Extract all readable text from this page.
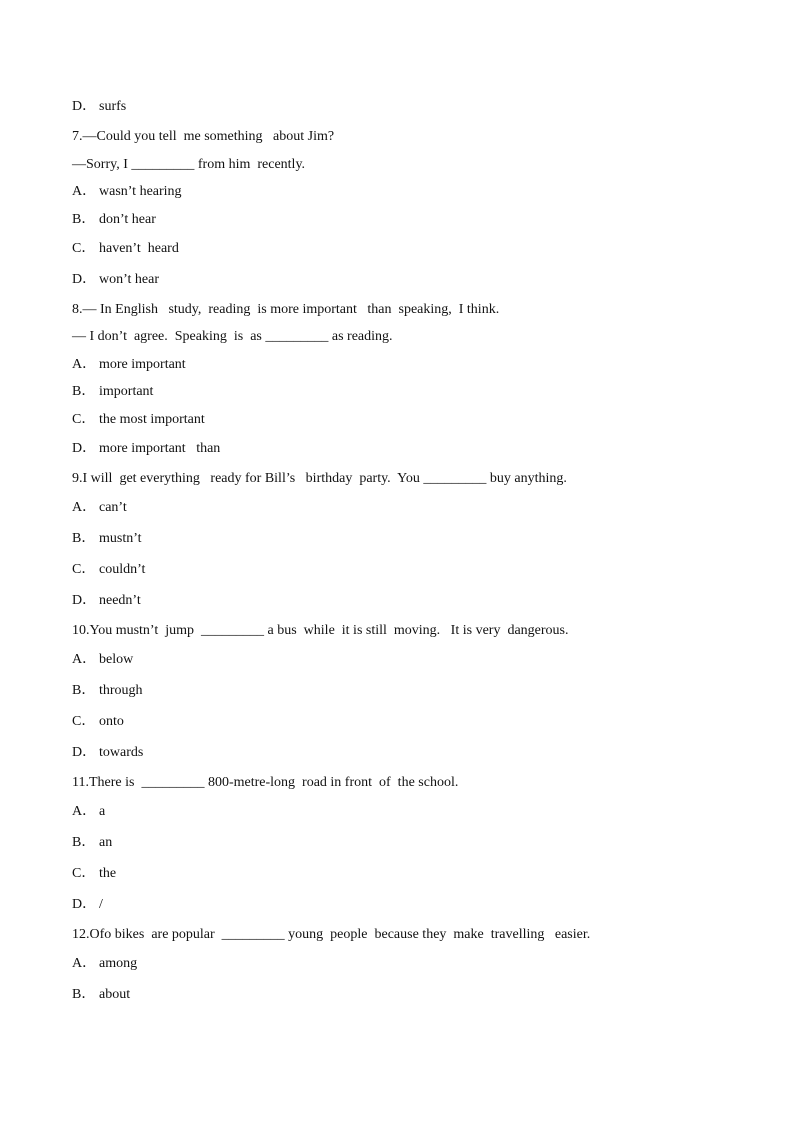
D． surfs
7.—Could you tell  me something   about Jim?
—Sorry, I _________ from him  recently.
A． wasn’t hearing
B． don’t hear
C． haven’t  heard
D． won’t hear
8.— In English   study,  reading  is more important   than  speaking,  I think.
— I don’t  agree.  Speaking  is  as _________ as reading.
A． more important
B． important
C． the most important
D． more important   than
9.I will  get everything   ready for Bill’s   birthday  party.  You _________ buy anything.
A． can’t
B． mustn’t
C． couldn’t
D． needn’t
10.You mustn’t  jump  _________ a bus  while  it is still  moving.   It is very  dangerous.
A． below
B． through
C． onto
D． towards
11.There is  _________ 800-metre-long  road in front  of  the school.
A． a
B． an
C． the
D． /
12.Ofo bikes  are popular  _________ young  people  because they  make  travelling   easier.
A． among
B． about
